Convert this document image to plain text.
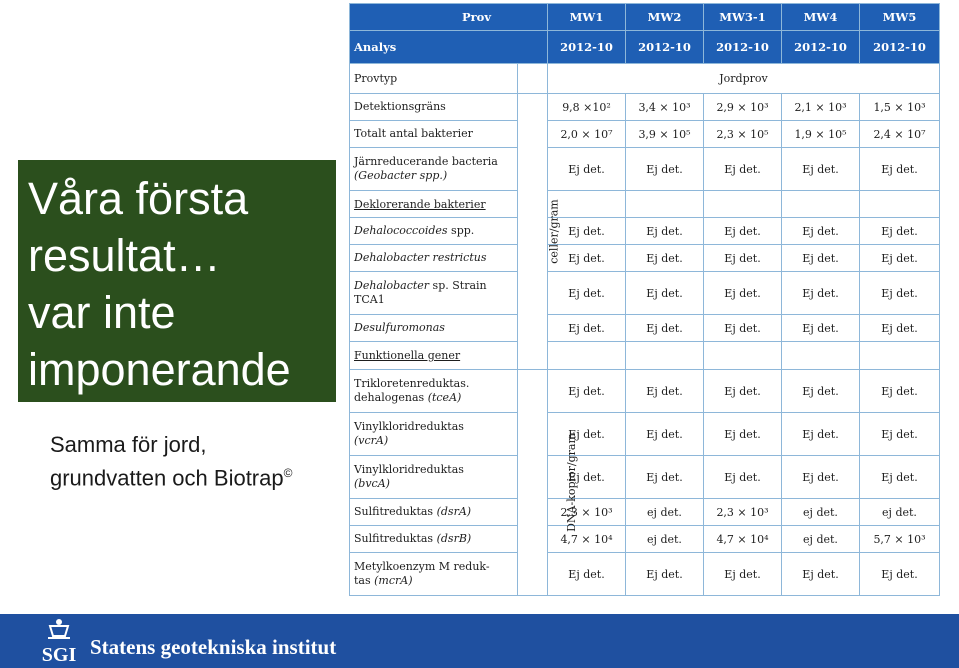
Våra första
resultat…
var inte
imponerande
Samma för jord,
grundvatten och Biotrap©
Prov		MW1	MW2	MW3-1	MW4	MW5	
Analys		2012-10	2012-10	2012-10	2012-10	2012-10	
Provtyp		Jordprov					
Detektionsgräns	celler/gram	9,8 ×10²	3,4 × 10³	2,9 × 10³	2,1 × 10³	1,5 × 10³	
Totalt antal bakterier		2,0 × 10⁷	3,9 × 10⁵	2,3 × 10⁵	1,9 × 10⁵	2,4 × 10⁷	

Järnreducerande bacteria
(Geobacter spp.)		Ej det.	Ej det.	Ej det.	Ej det.	Ej det.	
Deklorerande bakterier							
Dehalococcoides spp.		Ej det.	Ej det.	Ej det.	Ej det.	Ej det.	
Dehalobacter restrictus		Ej det.	Ej det.	Ej det.	Ej det.	Ej det.	

Dehalobacter sp. Strain
TCA1		Ej det.	Ej det.	Ej det.	Ej det.	Ej det.	
Desulfuromonas		Ej det.	Ej det.	Ej det.	Ej det.	Ej det.	
Funktionella gener							

Trikloretenreduktas.
dehalogenas (tceA)	DNA-kopior/gram	Ej det.	Ej det.	Ej det.	Ej det.	Ej det.	

Vinylkloridreduktas
(vcrA)		Ej det.	Ej det.	Ej det.	Ej det.	Ej det.	

Vinylkloridreduktas
(bvcA)		Ej det.	Ej det.	Ej det.	Ej det.	Ej det.	
Sulfitreduktas (dsrA)		2,3 × 10³	ej det.	2,3 × 10³	ej det.	ej det.	
Sulfitreduktas (dsrB)		4,7 × 10⁴	ej det.	4,7 × 10⁴	ej det.	5,7 × 10³	

Metylkoenzym M reduk-
tas (mcrA)		Ej det.	Ej det.	Ej det.	Ej det.	Ej det.	
SGI Statens geotekniska institut
